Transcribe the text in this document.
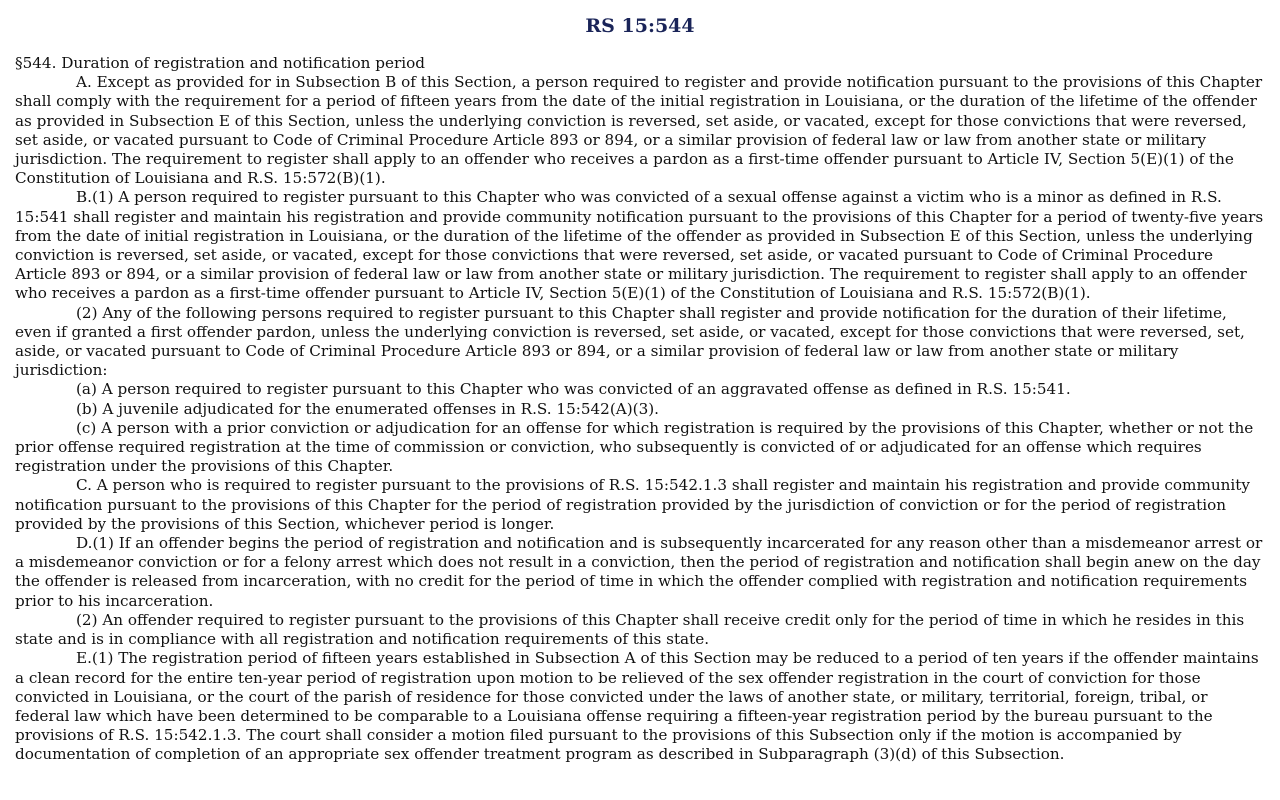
RS 15:544
§544. Duration of registration and notification period

A. Except as provided for in Subsection B of this Section, a person required to register and provide notification pursuant to the provisions of this Chapter shall comply with the requirement for a period of fifteen years from the date of the initial registration in Louisiana, or the duration of the lifetime of the offender as provided in Subsection E of this Section, unless the underlying conviction is reversed, set aside, or vacated, except for those convictions that were reversed, set aside, or vacated pursuant to Code of Criminal Procedure Article 893 or 894, or a similar provision of federal law or law from another state or military jurisdiction. The requirement to register shall apply to an offender who receives a pardon as a first-time offender pursuant to Article IV, Section 5(E)(1) of the Constitution of Louisiana and R.S. 15:572(B)(1).

B.(1) A person required to register pursuant to this Chapter who was convicted of a sexual offense against a victim who is a minor as defined in R.S. 15:541 shall register and maintain his registration and provide community notification pursuant to the provisions of this Chapter for a period of twenty-five years from the date of initial registration in Louisiana, or the duration of the lifetime of the offender as provided in Subsection E of this Section, unless the underlying conviction is reversed, set aside, or vacated, except for those convictions that were reversed, set aside, or vacated pursuant to Code of Criminal Procedure Article 893 or 894, or a similar provision of federal law or law from another state or military jurisdiction. The requirement to register shall apply to an offender who receives a pardon as a first-time offender pursuant to Article IV, Section 5(E)(1) of the Constitution of Louisiana and R.S. 15:572(B)(1).

(2) Any of the following persons required to register pursuant to this Chapter shall register and provide notification for the duration of their lifetime, even if granted a first offender pardon, unless the underlying conviction is reversed, set aside, or vacated, except for those convictions that were reversed, set, aside, or vacated pursuant to Code of Criminal Procedure Article 893 or 894, or a similar provision of federal law or law from another state or military jurisdiction:

(a) A person required to register pursuant to this Chapter who was convicted of an aggravated offense as defined in R.S. 15:541.

(b) A juvenile adjudicated for the enumerated offenses in R.S. 15:542(A)(3).

(c) A person with a prior conviction or adjudication for an offense for which registration is required by the provisions of this Chapter, whether or not the prior offense required registration at the time of commission or conviction, who subsequently is convicted of or adjudicated for an offense which requires registration under the provisions of this Chapter.

C. A person who is required to register pursuant to the provisions of R.S. 15:542.1.3 shall register and maintain his registration and provide community notification pursuant to the provisions of this Chapter for the period of registration provided by the jurisdiction of conviction or for the period of registration provided by the provisions of this Section, whichever period is longer.

D.(1) If an offender begins the period of registration and notification and is subsequently incarcerated for any reason other than a misdemeanor arrest or a misdemeanor conviction or for a felony arrest which does not result in a conviction, then the period of registration and notification shall begin anew on the day the offender is released from incarceration, with no credit for the period of time in which the offender complied with registration and notification requirements prior to his incarceration.

(2) An offender required to register pursuant to the provisions of this Chapter shall receive credit only for the period of time in which he resides in this state and is in compliance with all registration and notification requirements of this state.

E.(1) The registration period of fifteen years established in Subsection A of this Section may be reduced to a period of ten years if the offender maintains a clean record for the entire ten-year period of registration upon motion to be relieved of the sex offender registration in the court of conviction for those convicted in Louisiana, or the court of the parish of residence for those convicted under the laws of another state, or military, territorial, foreign, tribal, or federal law which have been determined to be comparable to a Louisiana offense requiring a fifteen-year registration period by the bureau pursuant to the provisions of R.S. 15:542.1.3. The court shall consider a motion filed pursuant to the provisions of this Subsection only if the motion is accompanied by documentation of completion of an appropriate sex offender treatment program as described in Subparagraph (3)(d) of this Subsection.
